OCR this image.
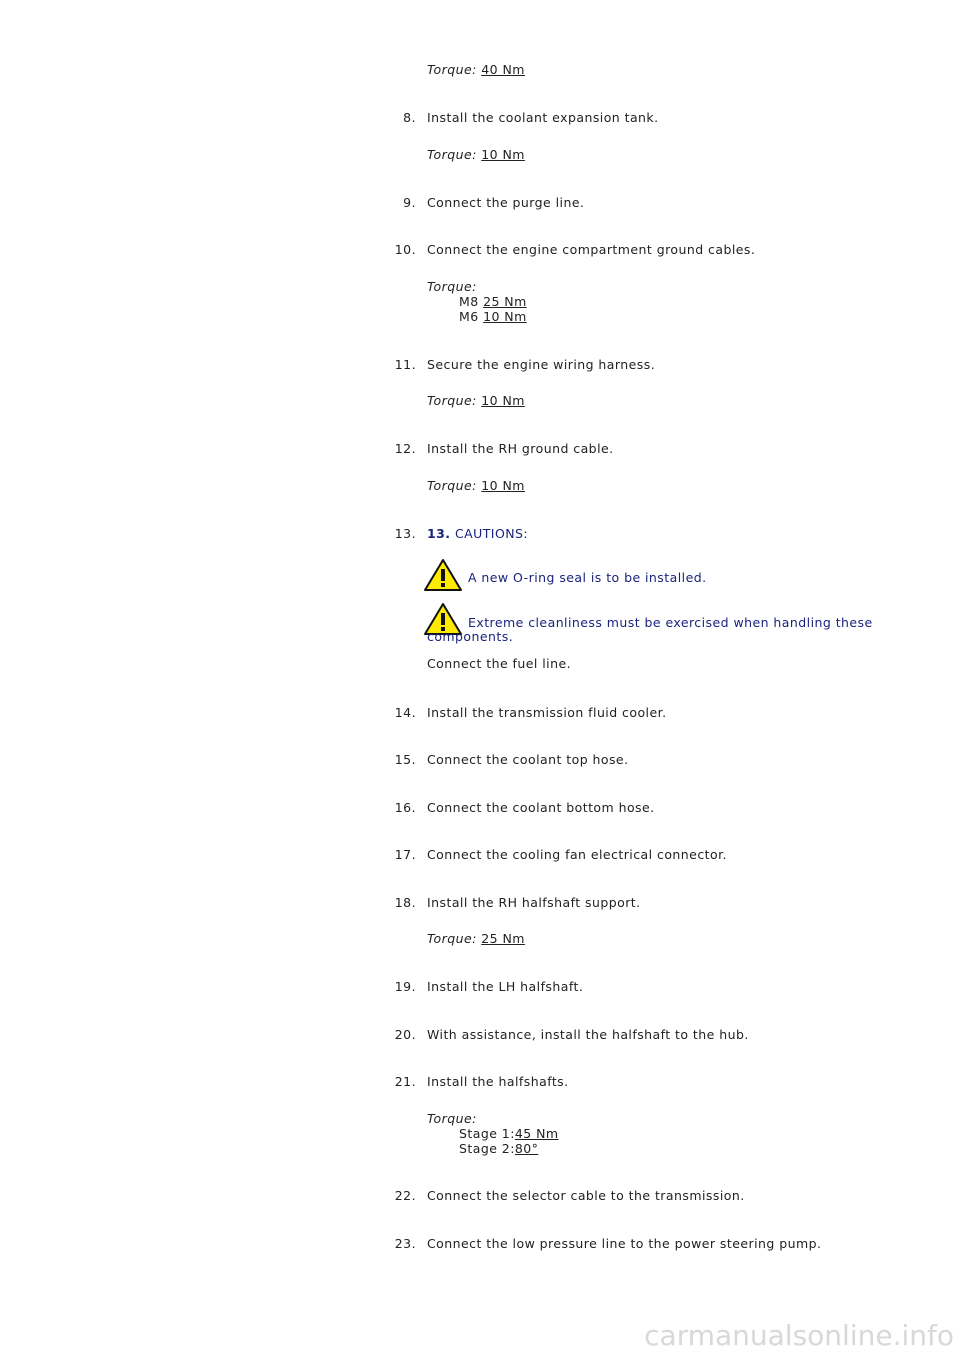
Torque: 40 Nm
8. Install the coolant expansion tank.
Torque: 10 Nm
9. Connect the purge line.
10. Connect the engine compartment ground cables.
Torque:
M8 25 Nm
M6 10 Nm
11. Secure the engine wiring harness.
Torque: 10 Nm
12. Install the RH ground cable.
Torque: 10 Nm
13. 13. CAUTIONS:
A new O-ring seal is to be installed.
Extreme cleanliness must be exercised when handling these
components.
Connect the fuel line.
14. Install the transmission fluid cooler.
15. Connect the coolant top hose.
16. Connect the coolant bottom hose.
17. Connect the cooling fan electrical connector.
18. Install the RH halfshaft support.
Torque: 25 Nm
19. Install the LH halfshaft.
20. With assistance, install the halfshaft to the hub.
21. Install the halfshafts.
Torque:
Stage 1:45 Nm
Stage 2:80°
22. Connect the selector cable to the transmission.
23. Connect the low pressure line to the power steering pump.
carmanualsonline.info
